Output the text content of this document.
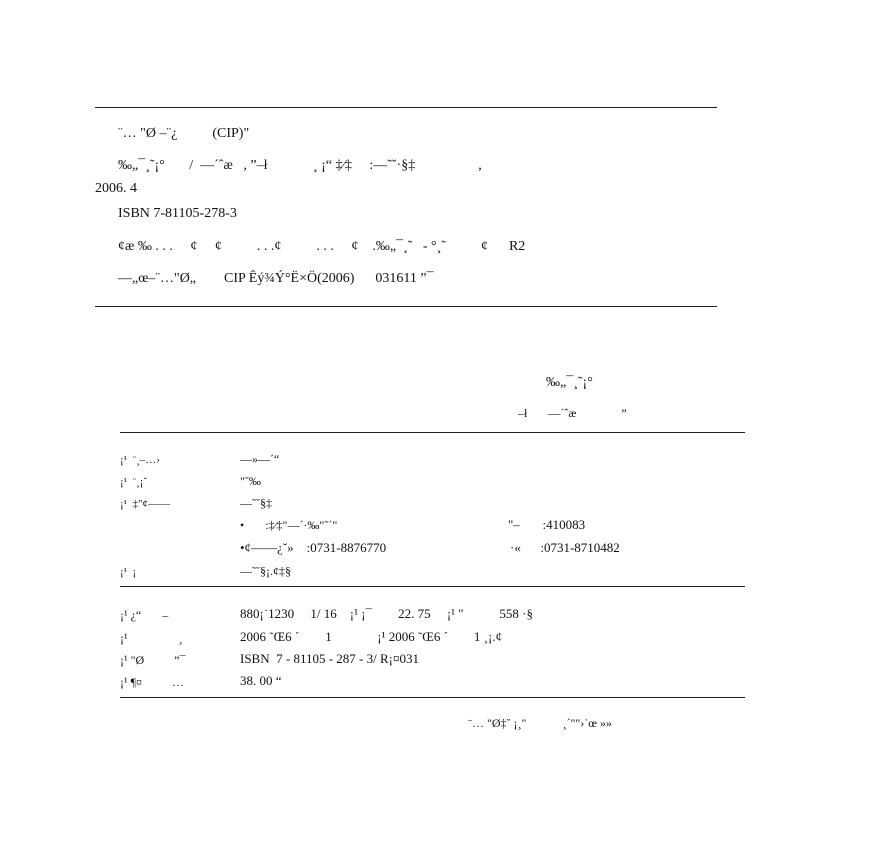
¨… "Ø –¨¿          (CIP)"
‰„¯¸˜¡°       /  —´ˆæ   , ”–ł             ¸ ¡“ ‡⁄‡     :—˜˘·§‡                  ,
2006. 4
ISBN 7-81105-278-3
¢æ ‰ . . .     ¢     ¢          . . .¢          . . .     ¢    .‰„¯¸˜   - °¸˜          ¢      R2
—„œ–¨…"Ø„        CIP Êý¾Ý°Ë×Ö(2006)      031611 ”¯
‰„¯¸˜¡°
–ł       —´ˆæ               ”
¡¹  ¨¸–…›	—»—´“
¡¹  ¨¸¡˘	"˘‰
¡¹  ‡"¢——	—˜˘§‡
•       :‡⁄‡"—´·‰"˜´"	"–       :410083
•¢——¿˘»    :0731-8876770	·«      :0731-8710482
¡¹  ¡	—˜˘§¡.¢‡§
¡¹ ¿“       –	880¡˙1230     1/ 16    ¡¹ ¡¯        22. 75     ¡¹ "           558 ·§
¡¹                 ¸	2006 ˜Œ6 ´        1              ¡¹ 2006 ˜Œ6 ´        1 ¸¡.¢
¡¹ "Ø          ”¯	ISBN  7 - 81105 - 287 - 3/ R¡¤031
¡¹ ¶¤          …	38. 00 “
¨… "Ø‡˘ ¡¸"            ¸´""›˙œ »»
